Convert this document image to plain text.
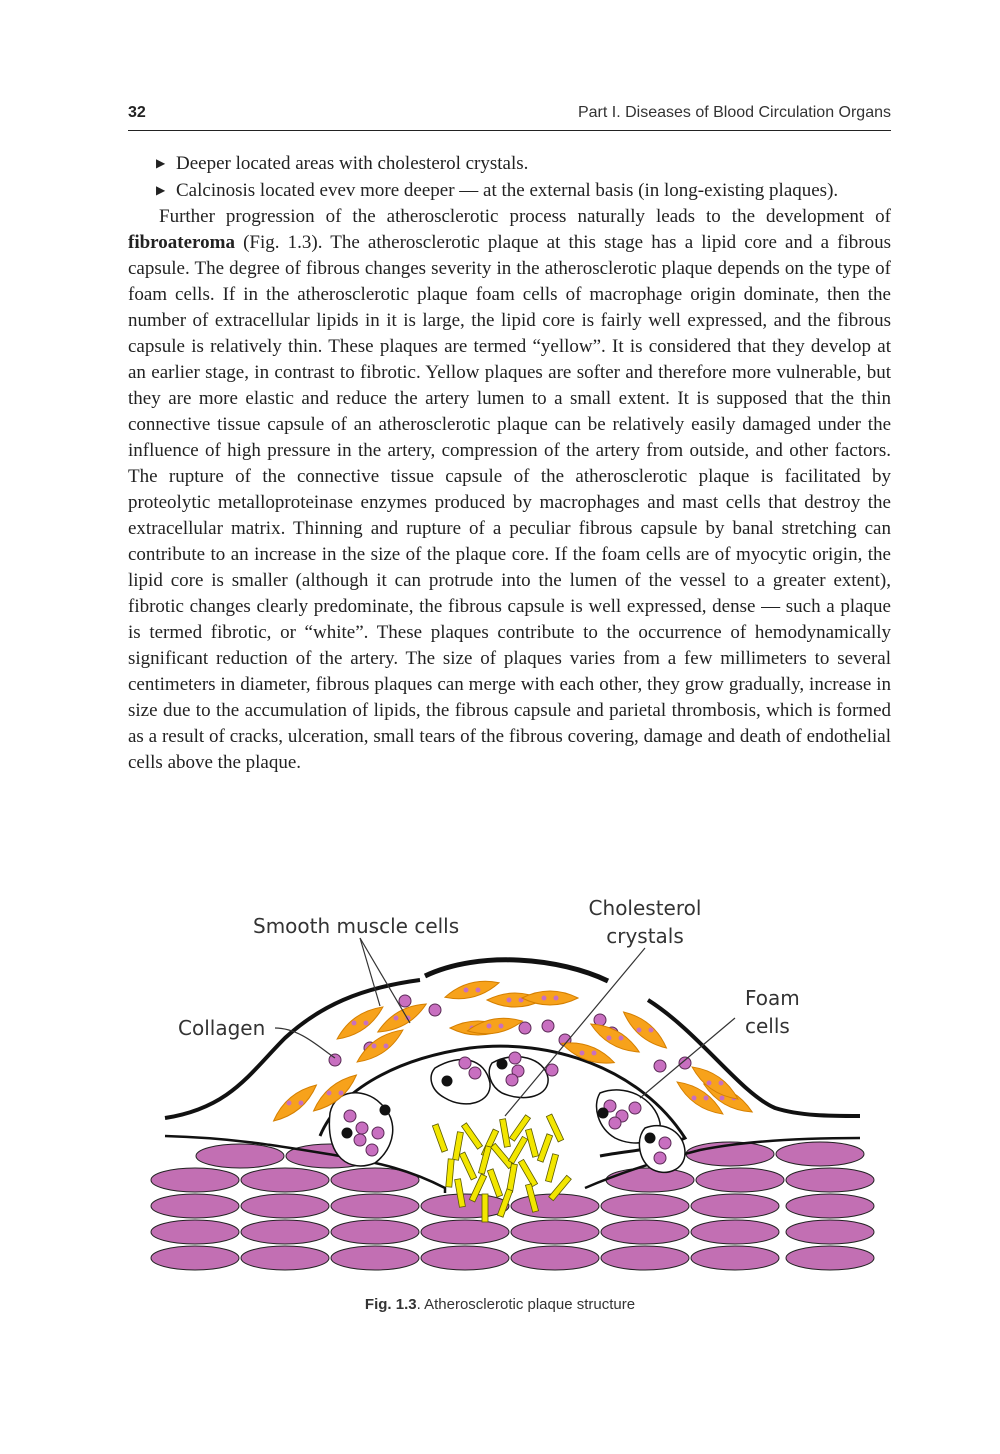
32	Part I. Diseases of Blood Circulation Organs
▶ Deeper located areas with cholesterol crystals.
▶ Calcinosis located evev more deeper — at the external basis (in long-existing plaques).

Further progression of the atherosclerotic process naturally leads to the development of fibroateroma (Fig. 1.3). The atherosclerotic plaque at this stage has a lipid core and a fibrous capsule. The degree of fibrous changes severity in the atherosclerotic plaque depends on the type of foam cells. If in the atherosclerotic plaque foam cells of macrophage origin dominate, then the number of extracellular lipids in it is large, the lipid core is fairly well expressed, and the fibrous capsule is relatively thin. These plaques are termed “yellow”. It is considered that they develop at an earlier stage, in contrast to fibrotic. Yellow plaques are softer and therefore more vulnerable, but they are more elastic and reduce the artery lumen to a small extent. It is supposed that the thin connective tissue capsule of an atherosclerotic plaque can be relatively easily damaged under the influence of high pressure in the artery, compression of the artery from outside, and other factors. The rupture of the connective tissue capsule of the atherosclerotic plaque is facilitated by proteolytic metalloproteinase enzymes produced by macrophages and mast cells that destroy the extracellular matrix. Thinning and rupture of a peculiar fibrous capsule by banal stretching can contribute to an increase in the size of the plaque core. If the foam cells are of myocytic origin, the lipid core is smaller (although it can protrude into the lumen of the vessel to a greater extent), fibrotic changes clearly predominate, the fibrous capsule is well expressed, dense — such a plaque is termed fibrotic, or “white”. These plaques contribute to the occurrence of hemodynamically significant reduction of the artery. The size of plaques varies from a few millimeters to several centimeters in diameter, fibrous plaques can merge with each other, they grow gradually, increase in size due to the accumulation of lipids, the fibrous capsule and parietal thrombosis, which is formed as a result of cracks, ulceration, small tears of the fibrous covering, damage and death of endothelial cells above the plaque.

Smooth muscle cells
Cholesterol
crystals
Foam
cells
Collagen
Fig. 1.3. Atherosclerotic plaque structure
